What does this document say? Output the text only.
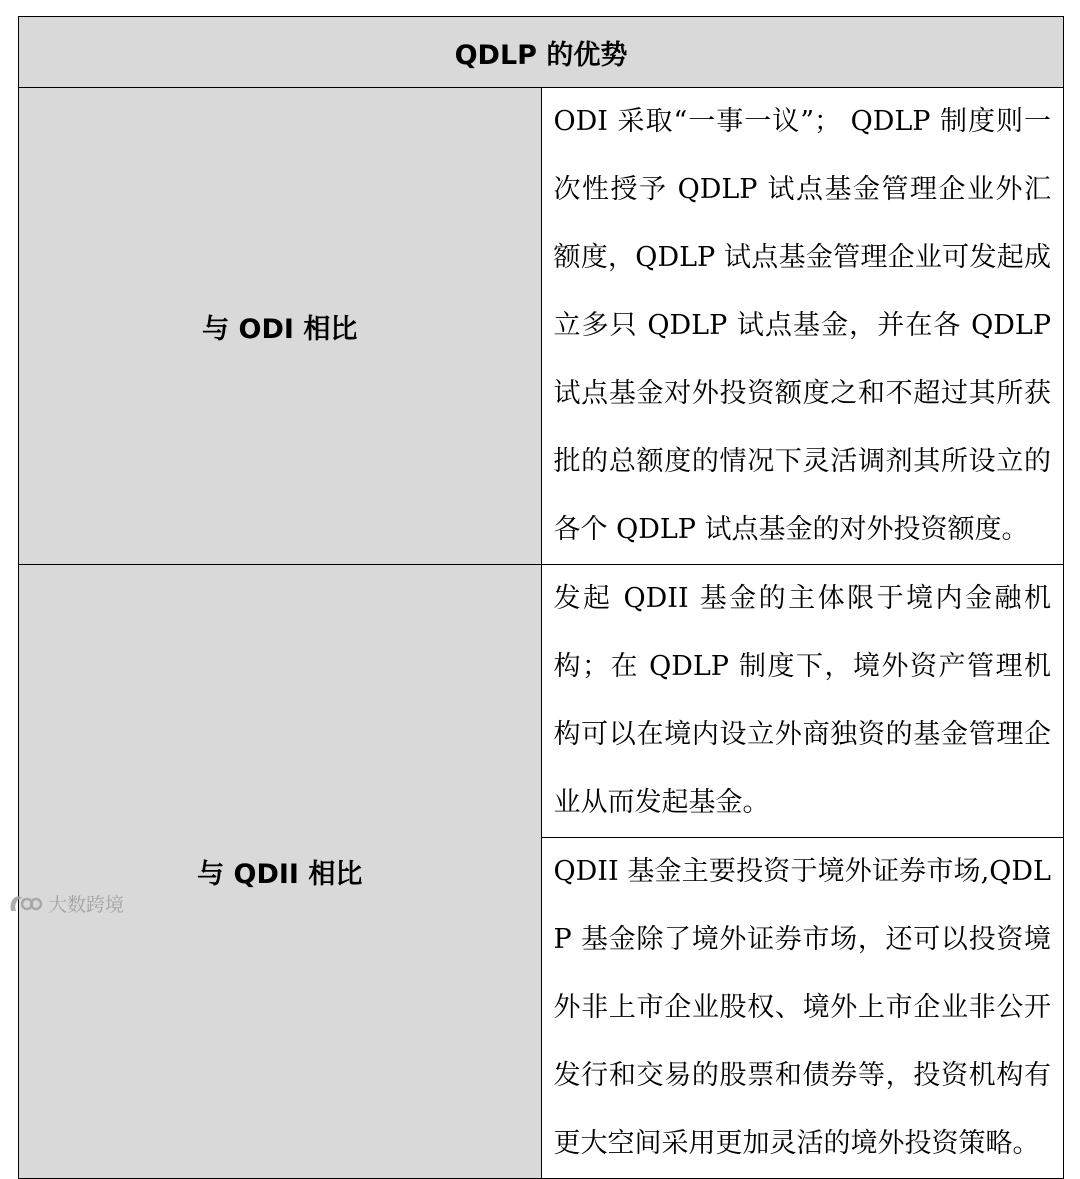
QDLP 的优势	
与 ODI 相比	ODI 采取“一事一议”； QDLP 制度则一次性授予 QDLP 试点基金管理企业外汇额度，QDLP 试点基金管理企业可发起成立多只 QDLP 试点基金，并在各 QDLP 试点基金对外投资额度之和不超过其所获批的总额度的情况下灵活调剂其所设立的各个 QDLP 试点基金的对外投资额度。
与 QDII 相比	发起 QDII 基金的主体限于境内金融机构；在 QDLP 制度下，境外资产管理机构可以在境内设立外商独资的基金管理企业从而发起基金。
	QDII 基金主要投资于境外证券市场,QDLP 基金除了境外证券市场，还可以投资境外非上市企业股权、境外上市企业非公开发行和交易的股票和债券等，投资机构有更大空间采用更加灵活的境外投资策略。
大数跨境
